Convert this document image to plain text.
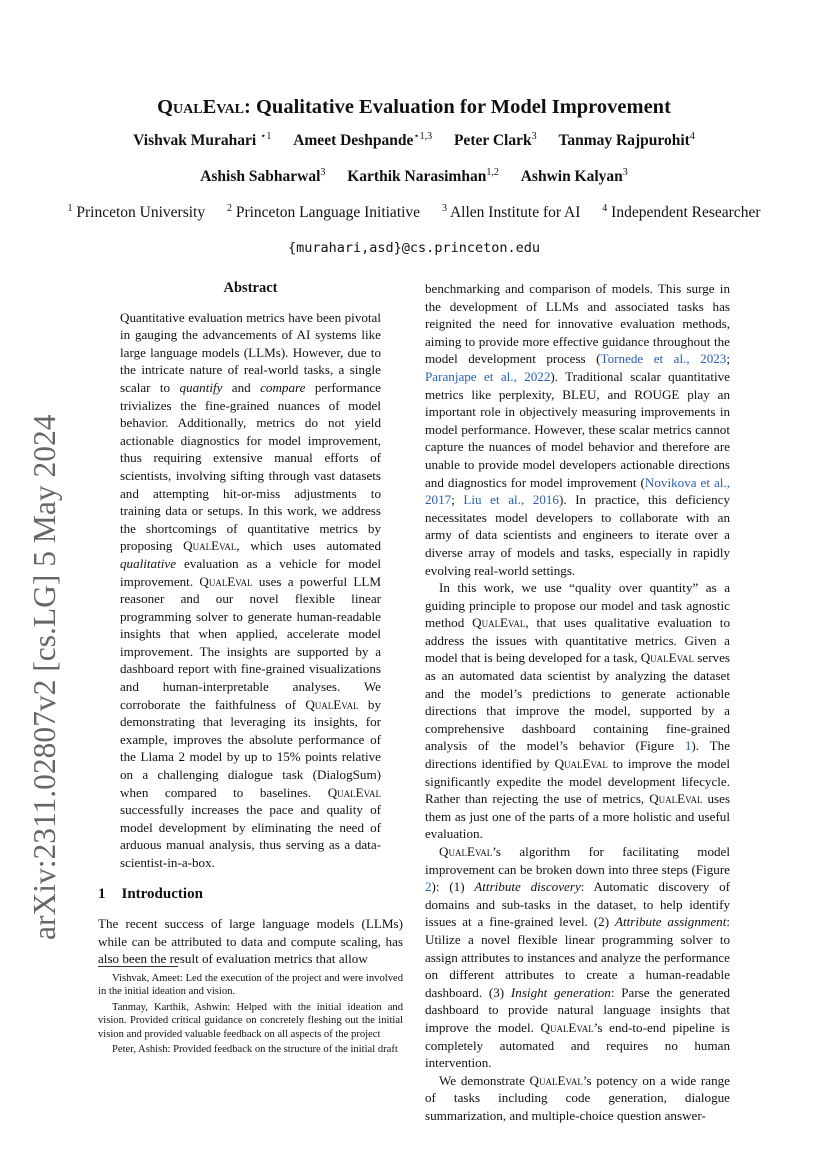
arXiv:2311.02807v2 [cs.LG] 5 May 2024
QualEval: Qualitative Evaluation for Model Improvement
Vishvak Murahari $^{⋆1}$ Ameet Deshpande$^{⋆1,3}$ Peter Clark$^3$ Tanmay Rajpurohit$^4$
Ashish Sabharwal$^3$ Karthik Narasimhan$^{1,2}$ Ashwin Kalyan$^3$
$^1$ Princeton University $^2$ Princeton Language Initiative $^3$ Allen Institute for AI $^4$ Independent Researcher
{murahari,asd}@cs.princeton.edu
Abstract

Quantitative evaluation metrics have been pivotal in gauging the advancements of AI systems like large language models (LLMs). However, due to the intricate nature of real-world tasks, a single scalar to quantify and compare performance trivializes the fine-grained nuances of model behavior. Additionally, metrics do not yield actionable diagnostics for model improvement, thus requiring extensive manual efforts of scientists, involving sifting through vast datasets and attempting hit-or-miss adjustments to training data or setups. In this work, we address the shortcomings of quantitative metrics by proposing QualEval, which uses automated qualitative evaluation as a vehicle for model improvement. QualEval uses a powerful LLM reasoner and our novel flexible linear programming solver to generate human-readable insights that when applied, accelerate model improvement. The insights are supported by a dashboard report with fine-grained visualizations and human-interpretable analyses. We corroborate the faithfulness of QualEval by demonstrating that leveraging its insights, for example, improves the absolute performance of the Llama 2 model by up to 15% points relative on a challenging dialogue task (DialogSum) when compared to baselines. QualEval successfully increases the pace and quality of model development by eliminating the need of arduous manual analysis, thus serving as a data-scientist-in-a-box.

1 Introduction

The recent success of large language models (LLMs) while can be attributed to data and compute scaling, has also been the result of evaluation metrics that allow

Vishvak, Ameet: Led the execution of the project and were involved in the initial ideation and vision.

Tanmay, Karthik, Ashwin: Helped with the initial ideation and vision. Provided critical guidance on concretely fleshing out the initial vision and provided valuable feedback on all aspects of the project

Peter, Ashish: Provided feedback on the structure of the initial draft

benchmarking and comparison of models. This surge in the development of LLMs and associated tasks has reignited the need for innovative evaluation methods, aiming to provide more effective guidance throughout the model development process (Tornede et al., 2023; Paranjape et al., 2022). Traditional scalar quantitative metrics like perplexity, BLEU, and ROUGE play an important role in objectively measuring improvements in model performance. However, these scalar metrics cannot capture the nuances of model behavior and therefore are unable to provide model developers actionable directions and diagnostics for model improvement (Novikova et al., 2017; Liu et al., 2016). In practice, this deficiency necessitates model developers to collaborate with an army of data scientists and engineers to iterate over a diverse array of models and tasks, especially in rapidly evolving real-world settings.

In this work, we use “quality over quantity” as a guiding principle to propose our model and task agnostic method QualEval, that uses qualitative evaluation to address the issues with quantitative metrics. Given a model that is being developed for a task, QualEval serves as an automated data scientist by analyzing the dataset and the model’s predictions to generate actionable directions that improve the model, supported by a comprehensive dashboard containing fine-grained analysis of the model’s behavior (Figure 1). The directions identified by QualEval to improve the model significantly expedite the model development lifecycle. Rather than rejecting the use of metrics, QualEval uses them as just one of the parts of a more holistic and useful evaluation.

QualEval’s algorithm for facilitating model improvement can be broken down into three steps (Figure 2): (1) Attribute discovery: Automatic discovery of domains and sub-tasks in the dataset, to help identify issues at a fine-grained level. (2) Attribute assignment: Utilize a novel flexible linear programming solver to assign attributes to instances and analyze the performance on different attributes to create a human-readable dashboard. (3) Insight generation: Parse the generated dashboard to provide natural language insights that improve the model. QualEval’s end-to-end pipeline is completely automated and requires no human intervention.

We demonstrate QualEval’s potency on a wide range of tasks including code generation, dialogue summarization, and multiple-choice question answer-
